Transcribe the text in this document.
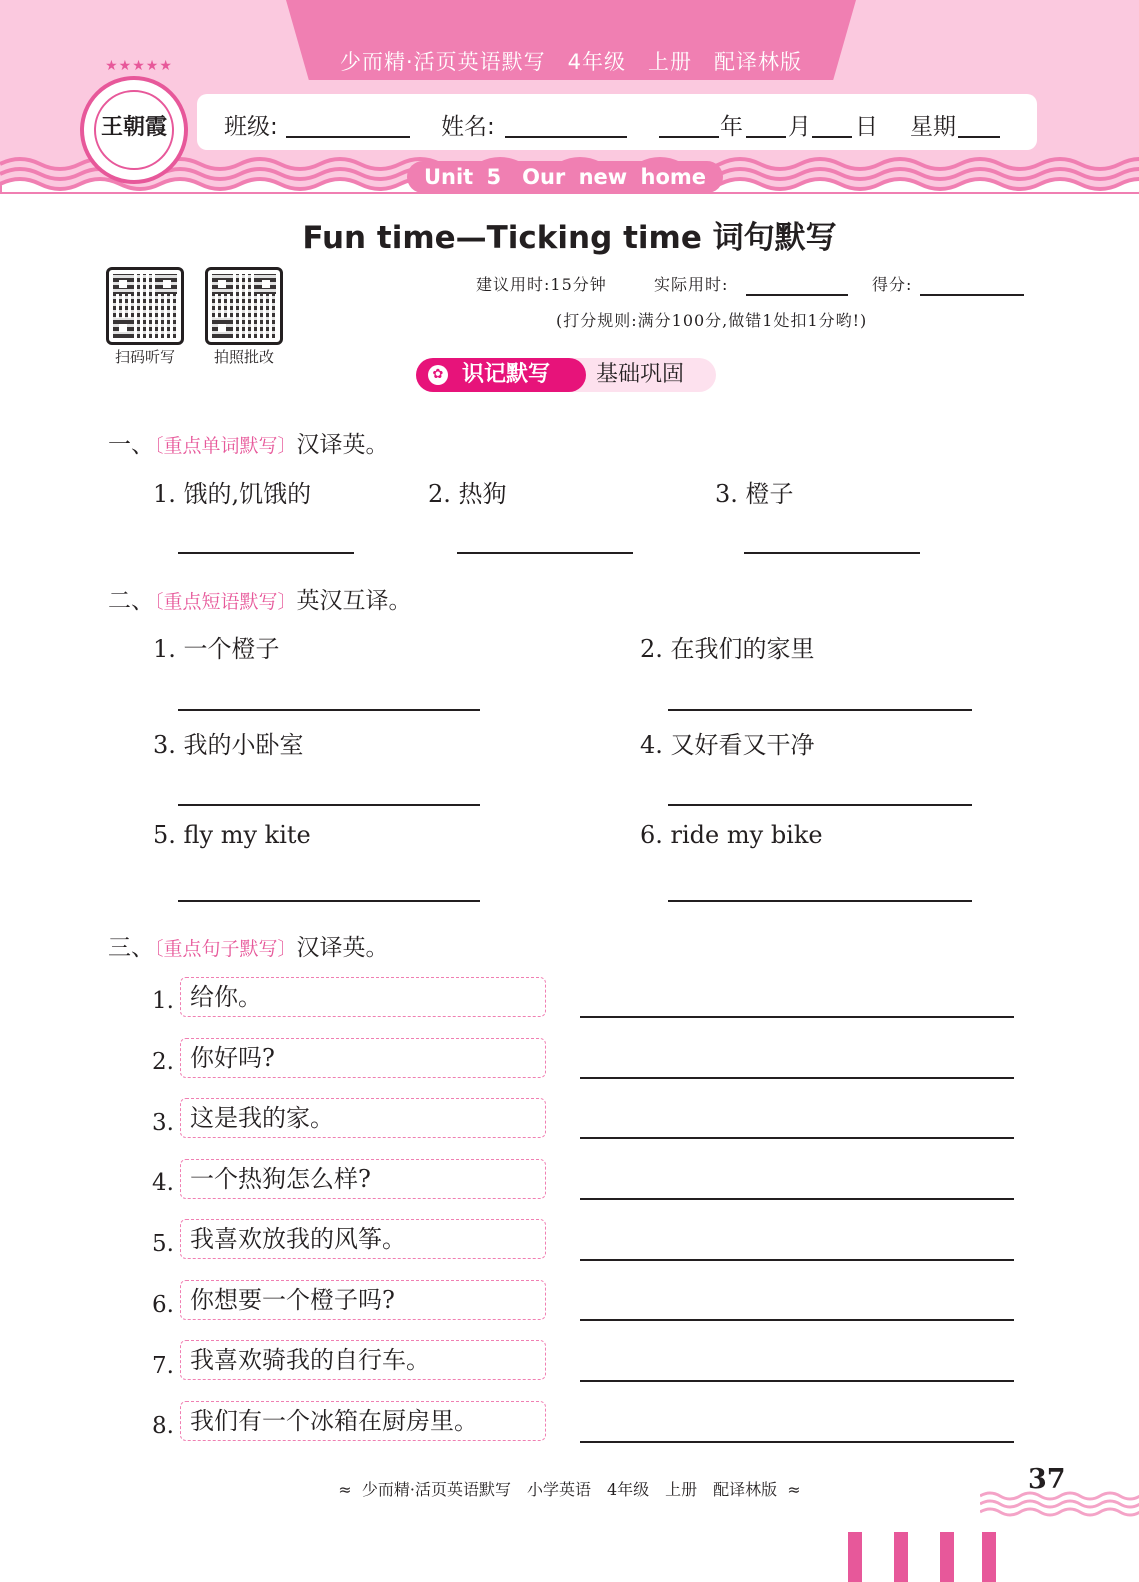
少而精·活页英语默写　4年级　上册　配译林版
班级:	姓名:	年 月 日 星期
Unit 5　Our new home
★★★★★
王朝霞
Fun time—Ticking time 词句默写
扫码听写	拍照批改
建议用时:15分钟	实际用时:	得分:
(打分规则:满分100分,做错1处扣1分哟!)
识记默写
✿	基础巩固
一、〔重点单词默写〕汉译英。
1. 饿的,饥饿的	2. 热狗	3. 橙子
二、〔重点短语默写〕英汉互译。
1. 一个橙子	2. 在我们的家里
3. 我的小卧室	4. 又好看又干净
5. fly my kite	6. ride my bike
三、〔重点句子默写〕汉译英。
1. 给你。
2. 你好吗?
3. 这是我的家。
4. 一个热狗怎么样?
5. 我喜欢放我的风筝。
6. 你想要一个橙子吗?
7. 我喜欢骑我的自行车。
8. 我们有一个冰箱在厨房里。
≈  少而精·活页英语默写　小学英语　4年级　上册　配译林版  ≈	37
